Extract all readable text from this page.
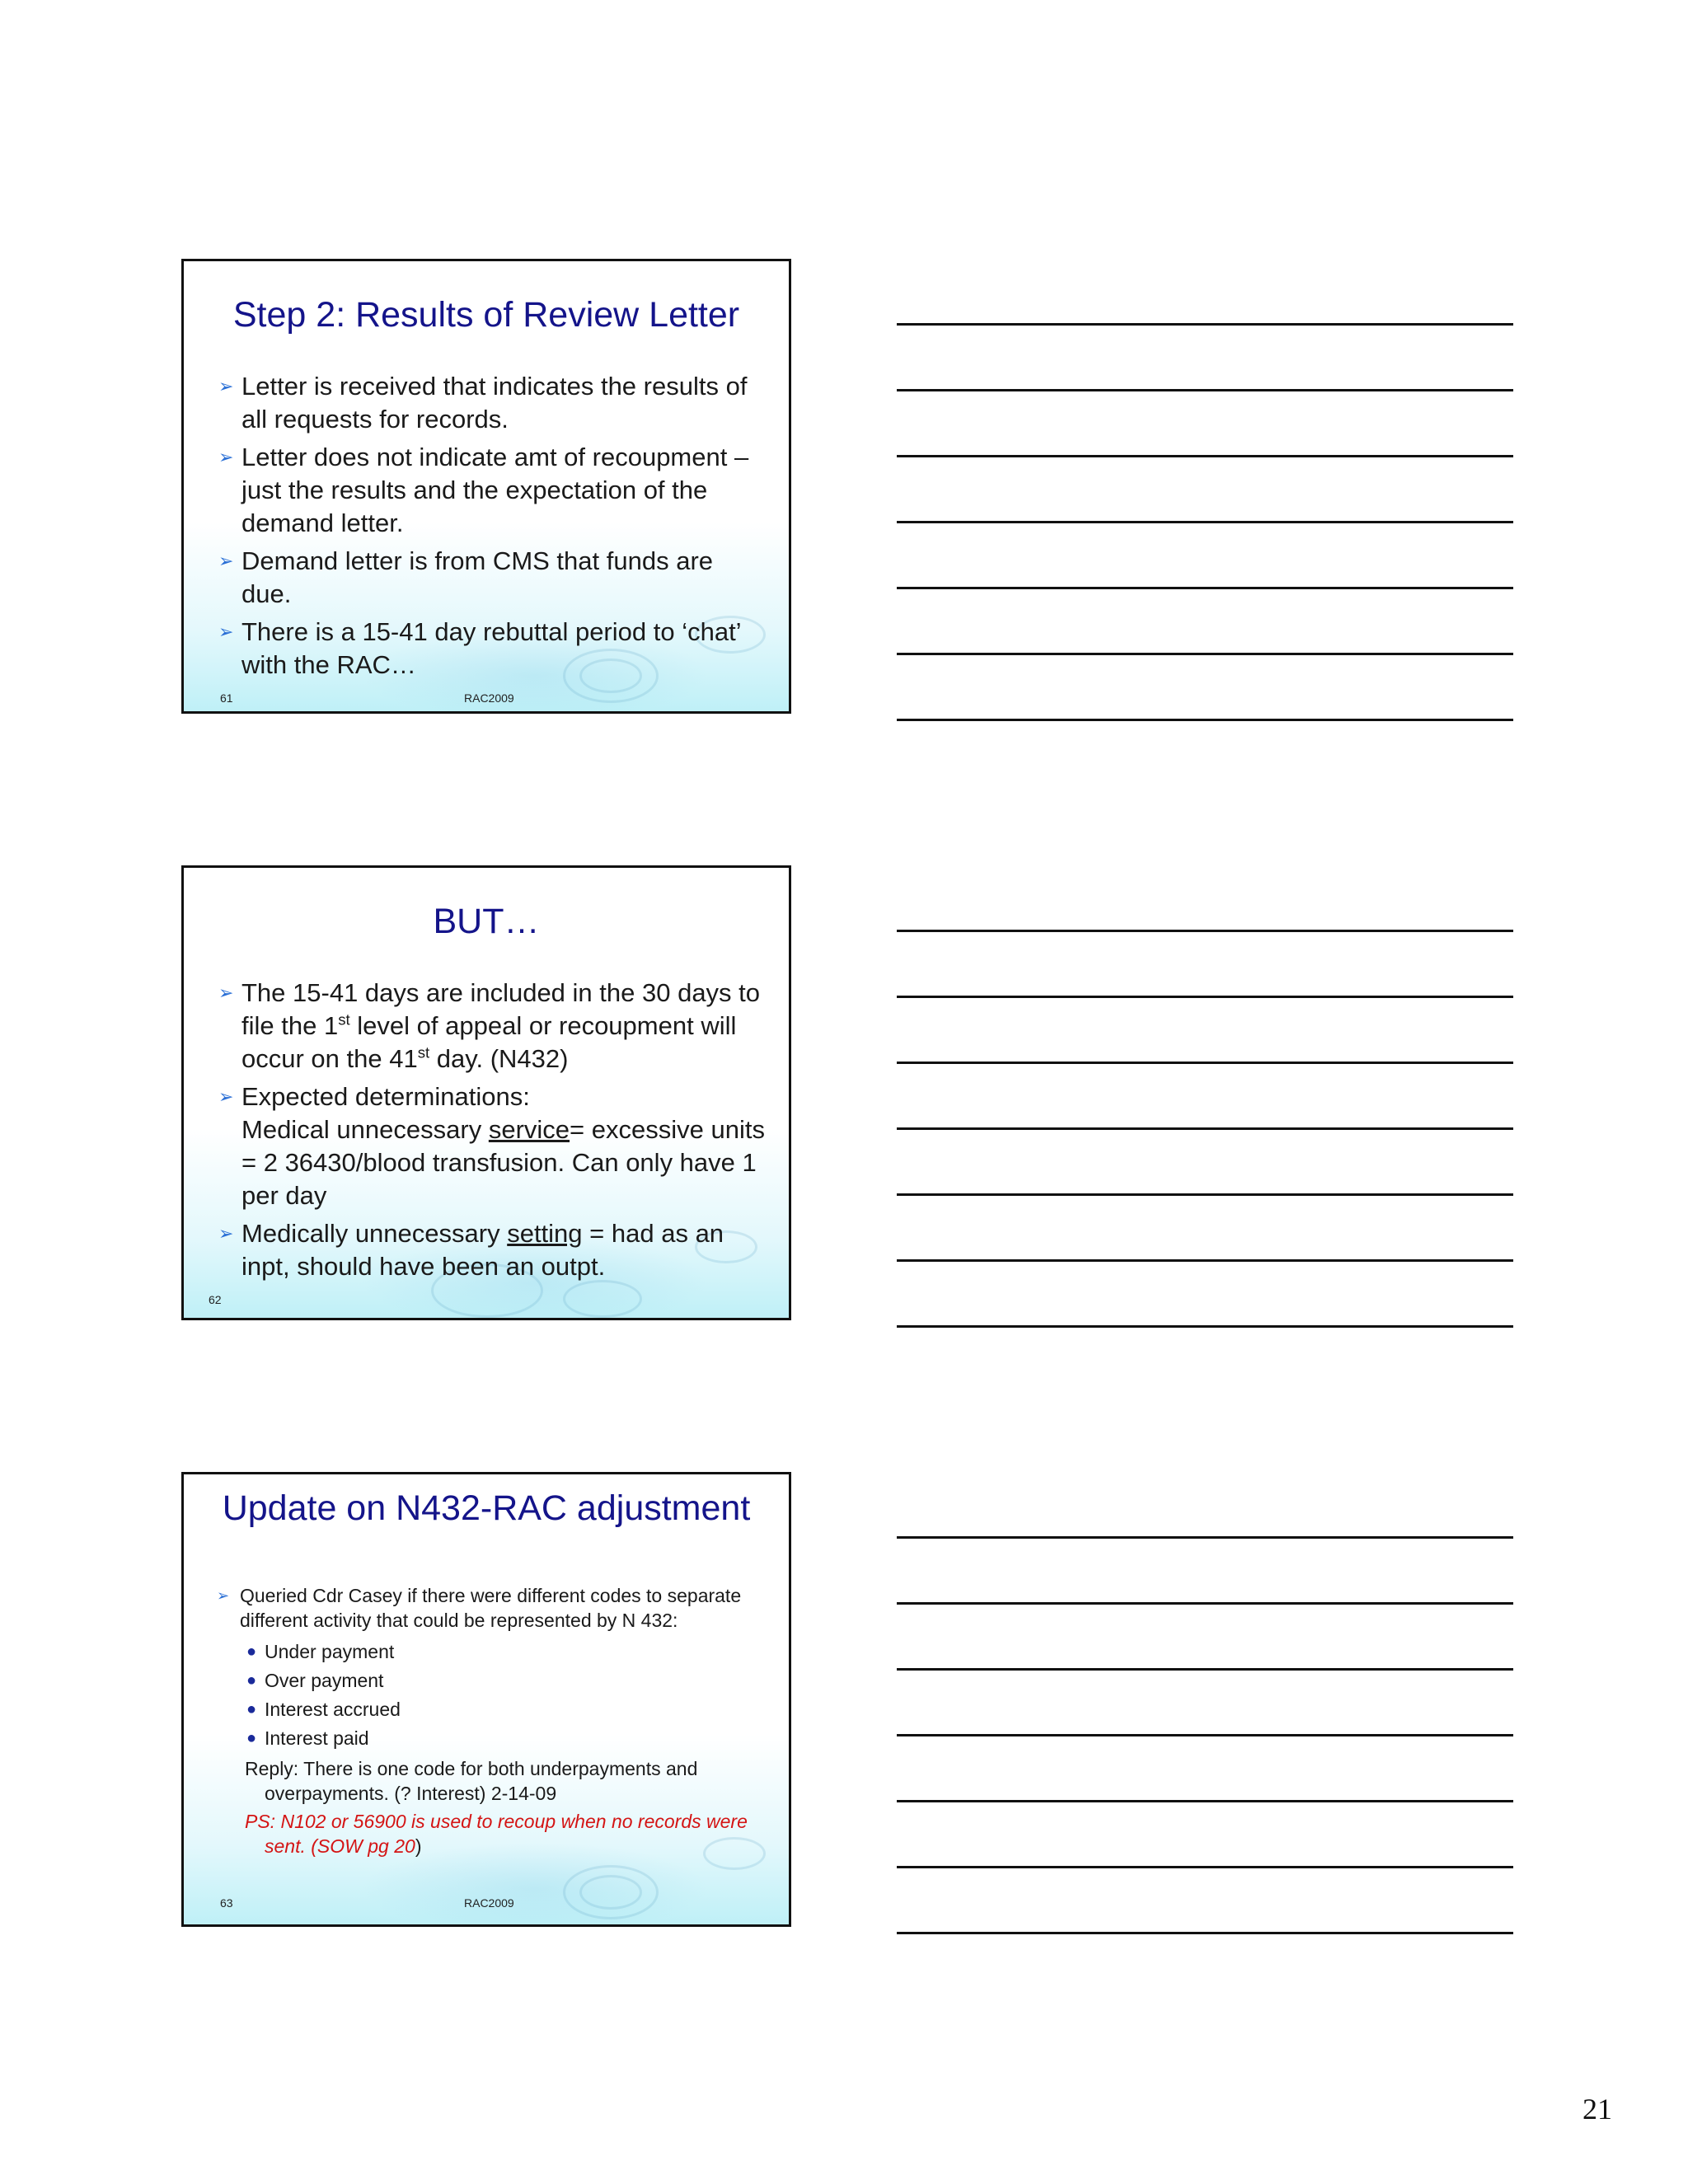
Step 2: Results of Review Letter
➢ Letter is received that indicates the results of all requests for records.
➢ Letter does not indicate amt of recoupment – just the results and the expectation of the demand letter.
➢ Demand letter is from CMS that funds are due.
➢ There is a 15-41 day rebuttal period to ‘chat’ with the RAC…
61	RAC2009
BUT…
➢ The 15-41 days are included in the 30 days to file the 1st level of appeal or recoupment will occur on the 41st day. (N432)
➢ Expected determinations:
Medical unnecessary service= excessive units = 2 36430/blood transfusion. Can only have 1 per day
➢ Medically unnecessary setting = had as an inpt, should have been an outpt.
62
Update on N432-RAC adjustment
➢ Queried Cdr Casey if there were different codes to separate different activity that could be represented by N 432:
● Under payment
● Over payment
● Interest accrued
● Interest paid
Reply: There is one code for both underpayments and overpayments. (? Interest) 2-14-09
PS: N102 or 56900 is used to recoup when no records were sent. (SOW pg 20)
63	RAC2009
21
